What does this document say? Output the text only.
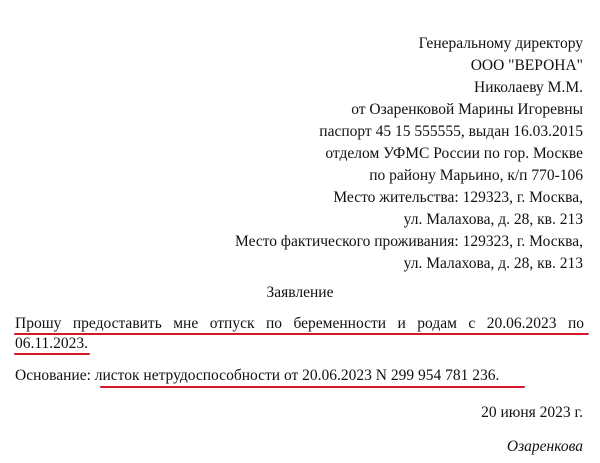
Генеральному директору
ООО "ВЕРОНА"
Николаеву М.М.
от Озаренковой Марины Игоревны
паспорт 45 15 555555, выдан 16.03.2015
отделом УФМС России по гор. Москве
по району Марьино, к/п 770-106
Место жительства: 129323, г. Москва,
ул. Малахова, д. 28, кв. 213
Место фактического проживания: 129323, г. Москва,
ул. Малахова, д. 28, кв. 213
Заявление
Прошу предоставить мне отпуск по беременности и родам с 20.06.2023 по
06.11.2023.
Основание: листок нетрудоспособности от 20.06.2023 N 299 954 781 236.
20 июня 2023 г.
Озаренкова
